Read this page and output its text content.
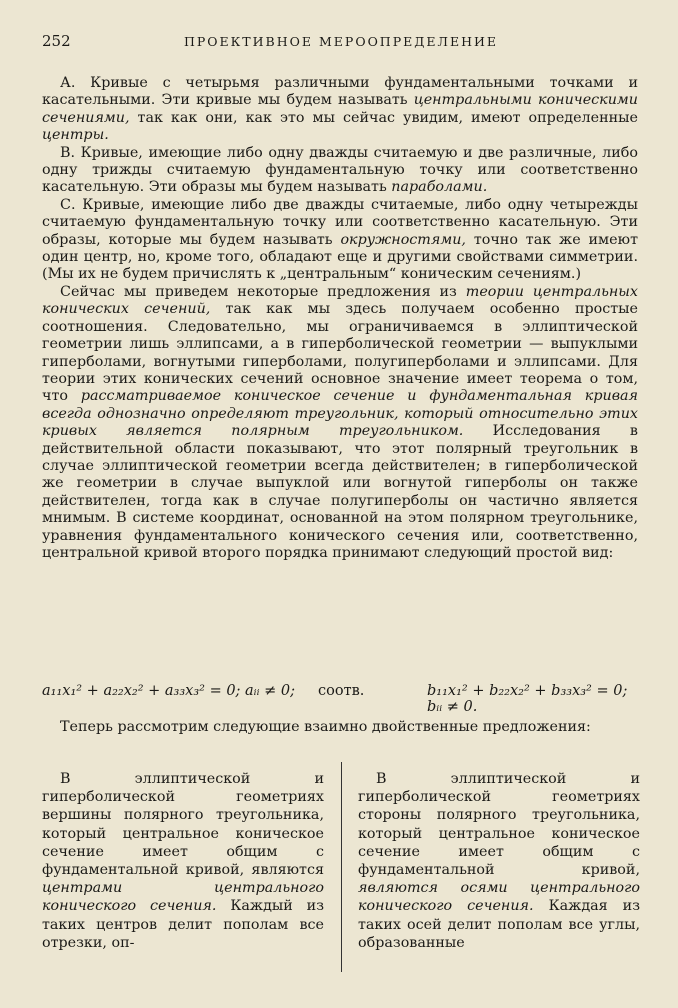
252	ПРОЕКТИВНОЕ МЕРООПРЕДЕЛЕНИЕ

А. Кривые с четырьмя различными фундаментальными точками и касательными. Эти кривые мы будем называть центральными коническими сечениями, так как они, как это мы сейчас увидим, имеют определенные центры.

В. Кривые, имеющие либо одну дважды считаемую и две различные, либо одну трижды считаемую фундаментальную точку или соответственно касательную. Эти образы мы будем называть параболами.

С. Кривые, имеющие либо две дважды считаемые, либо одну четырежды считаемую фундаментальную точку или соответственно касательную. Эти образы, которые мы будем называть окружностями, точно так же имеют один центр, но, кроме того, обладают еще и другими свойствами симметрии. (Мы их не будем причислять к „центральным“ коническим сечениям.)

Сейчас мы приведем некоторые предложения из теории центральных конических сечений, так как мы здесь получаем особенно простые соотношения. Следовательно, мы ограничиваемся в эллиптической геометрии лишь эллипсами, а в гиперболической геометрии — выпуклыми гиперболами, вогнутыми гиперболами, полугиперболами и эллипсами. Для теории этих конических сечений основное значение имеет теорема о том, что рассматриваемое коническое сечение и фундаментальная кривая всегда однозначно определяют треугольник, который относительно этих кривых является полярным треугольником. Исследования в действительной области показывают, что этот полярный треугольник в случае эллиптической геометрии всегда действителен; в гиперболической же геометрии в случае выпуклой или вогнутой гиперболы он также действителен, тогда как в случае полугиперболы он частично является мнимым. В системе координат, основанной на этом полярном треугольнике, уравнения фундаментального конического сечения или, соответственно, центральной кривой второго порядка принимают следующий простой вид:

a₁₁x₁² + a₂₂x₂² + a₃₃x₃² = 0; aᵢᵢ ≠ 0; соотв.	b₁₁x₁² + b₂₂x₂² + b₃₃x₃² = 0; bᵢᵢ ≠ 0.

Теперь рассмотрим следующие взаимно двойственные предложения:

В эллиптической и гиперболической геометриях вершины полярного треугольника, который центральное коническое сечение имеет общим с фундаментальной кривой, являются центрами центрального конического сечения. Каждый из таких центров делит пополам все отрезки, оп-

В эллиптической и гиперболической геометриях стороны полярного треугольника, который центральное коническое сечение имеет общим с фундаментальной кривой, являются осями центрального конического сечения. Каждая из таких осей делит пополам все углы, образованные
